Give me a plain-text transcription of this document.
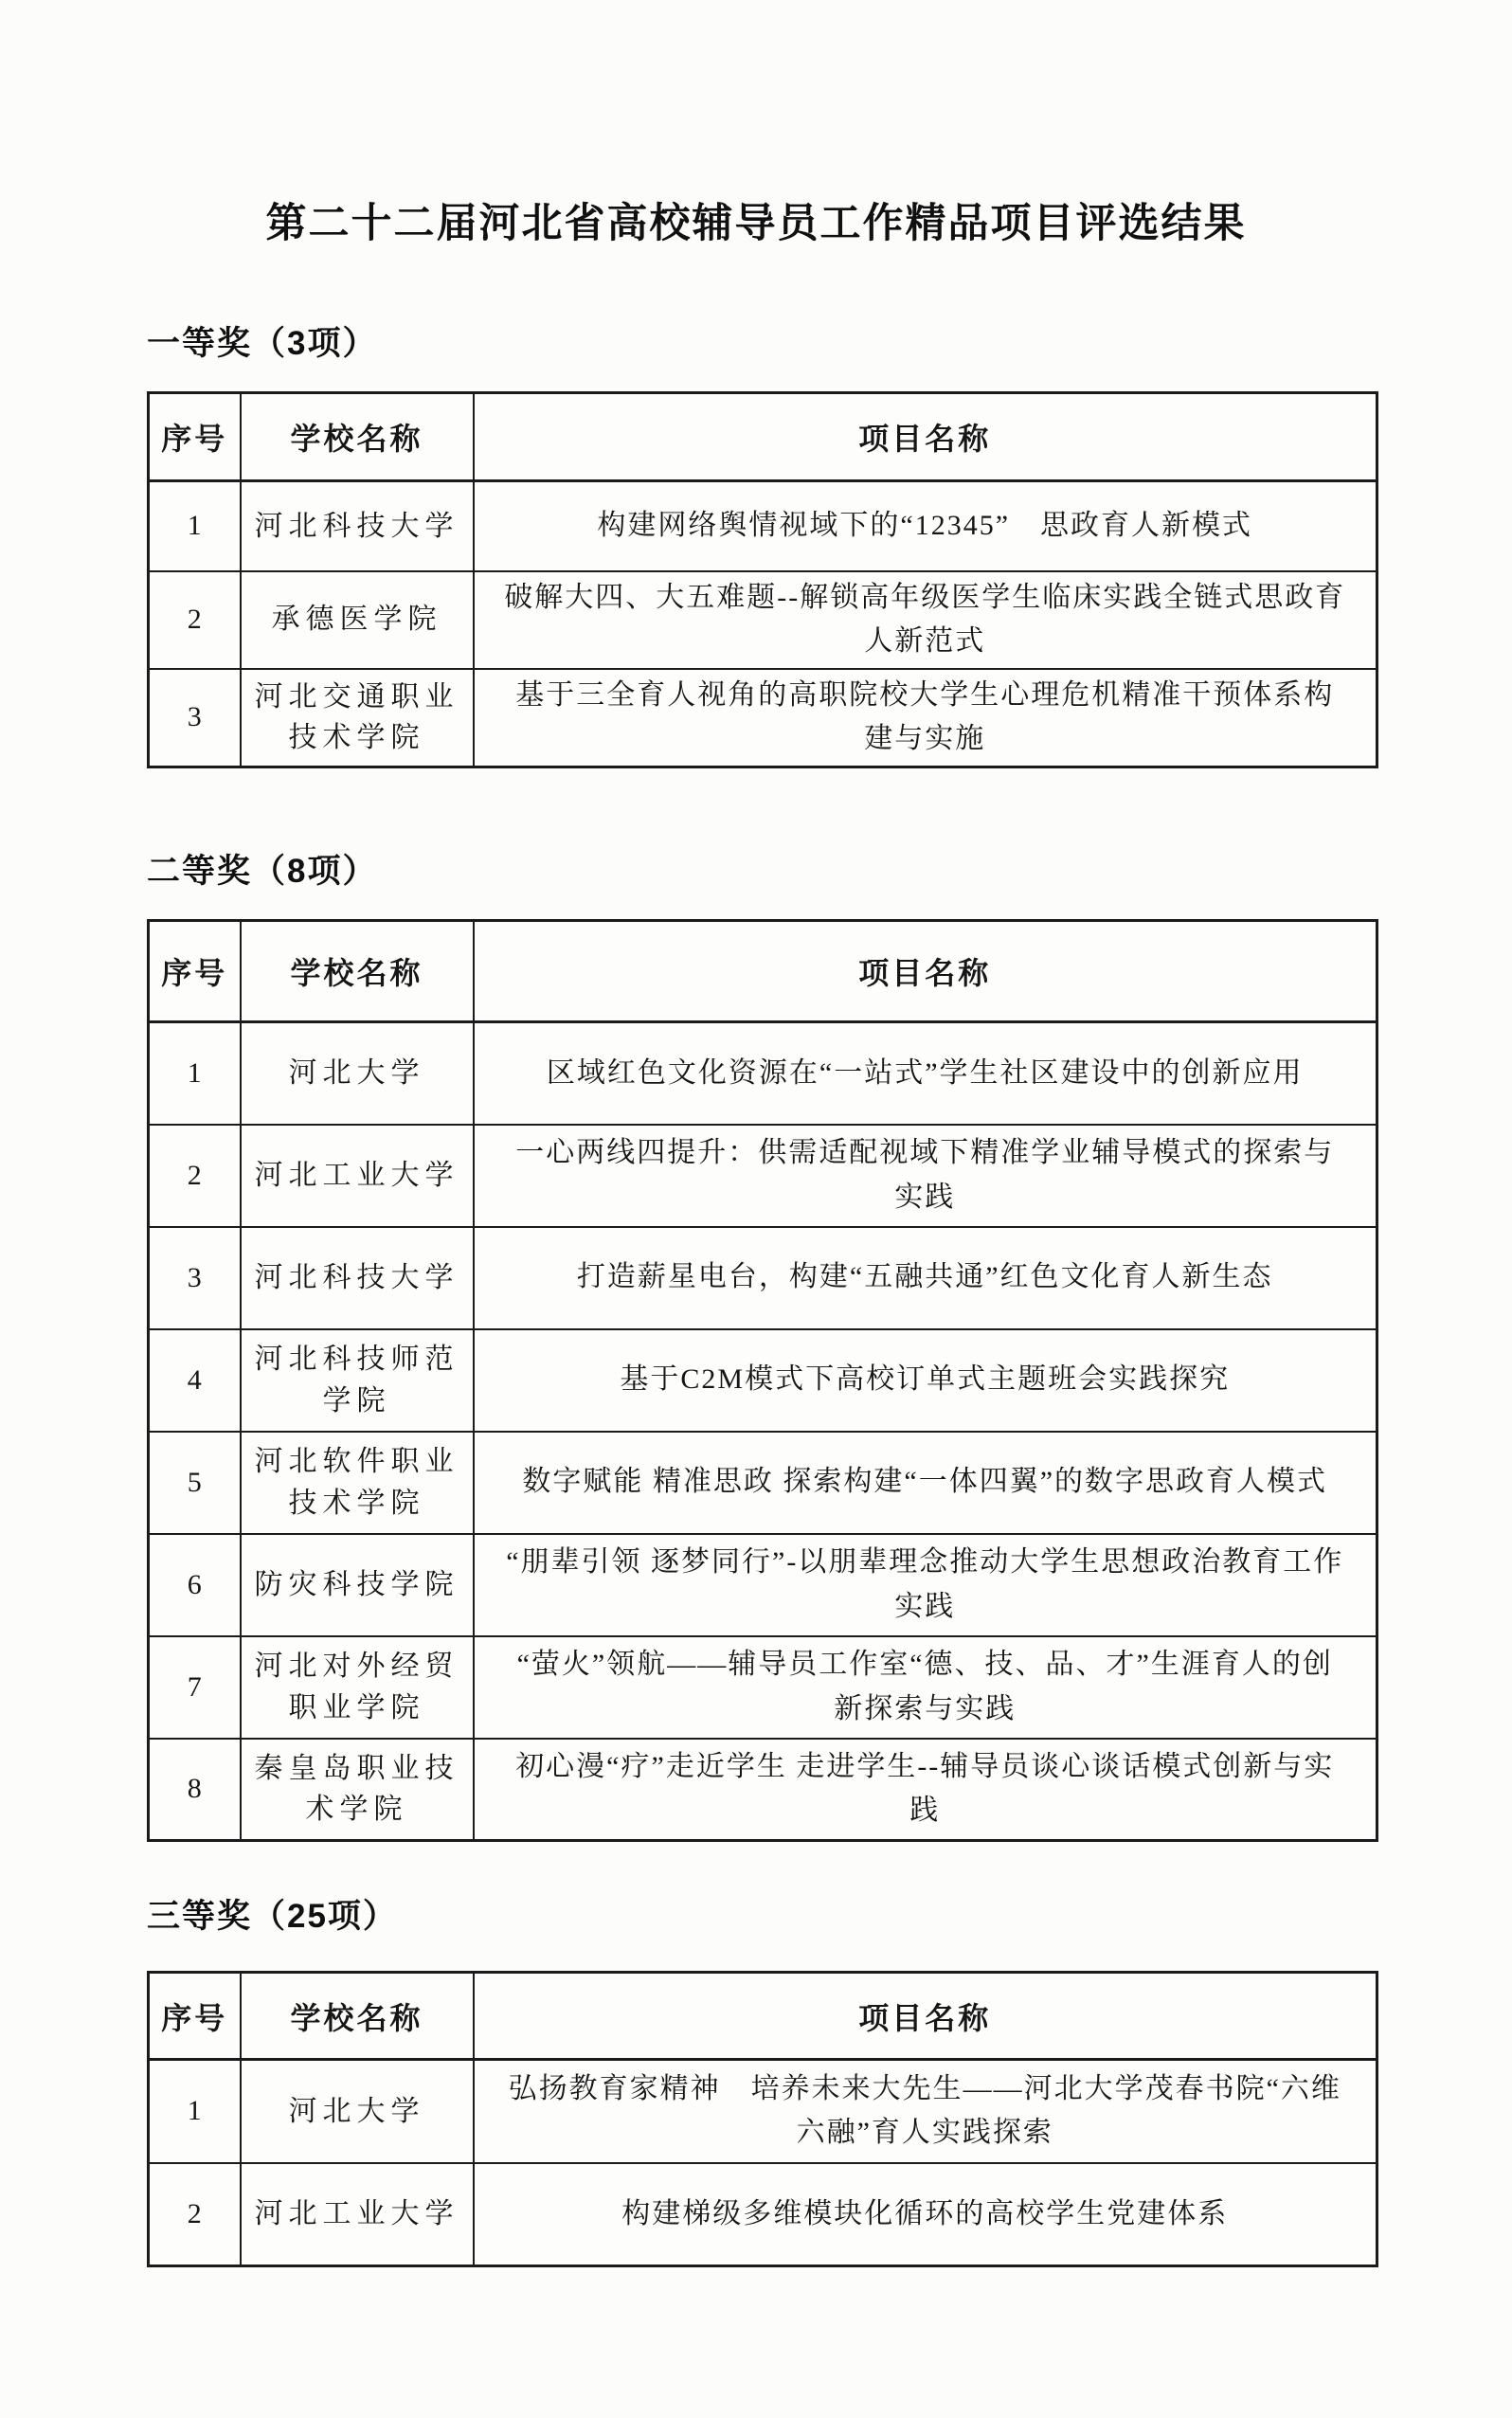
第二十二届河北省高校辅导员工作精品项目评选结果
一等奖（3项）
序号	学校名称	项目名称
1	河北科技大学	构建网络舆情视域下的“12345”　思政育人新模式
2	承德医学院	破解大四、大五难题--解锁高年级医学生临床实践全链式思政育人新范式
3	河北交通职业技术学院	基于三全育人视角的高职院校大学生心理危机精准干预体系构建与实施
二等奖（8项）
序号	学校名称	项目名称
1	河北大学	区域红色文化资源在“一站式”学生社区建设中的创新应用
2	河北工业大学	一心两线四提升：供需适配视域下精准学业辅导模式的探索与实践
3	河北科技大学	打造薪星电台，构建“五融共通”红色文化育人新生态
4	河北科技师范学院	基于C2M模式下高校订单式主题班会实践探究
5	河北软件职业技术学院	数字赋能 精准思政 探索构建“一体四翼”的数字思政育人模式
6	防灾科技学院	“朋辈引领 逐梦同行”-以朋辈理念推动大学生思想政治教育工作实践
7	河北对外经贸职业学院	“萤火”领航——辅导员工作室“德、技、品、才”生涯育人的创新探索与实践
8	秦皇岛职业技术学院	初心漫“疗”走近学生 走进学生--辅导员谈心谈话模式创新与实践
三等奖（25项）
序号	学校名称	项目名称
1	河北大学	弘扬教育家精神　培养未来大先生——河北大学茂春书院“六维六融”育人实践探索
2	河北工业大学	构建梯级多维模块化循环的高校学生党建体系
